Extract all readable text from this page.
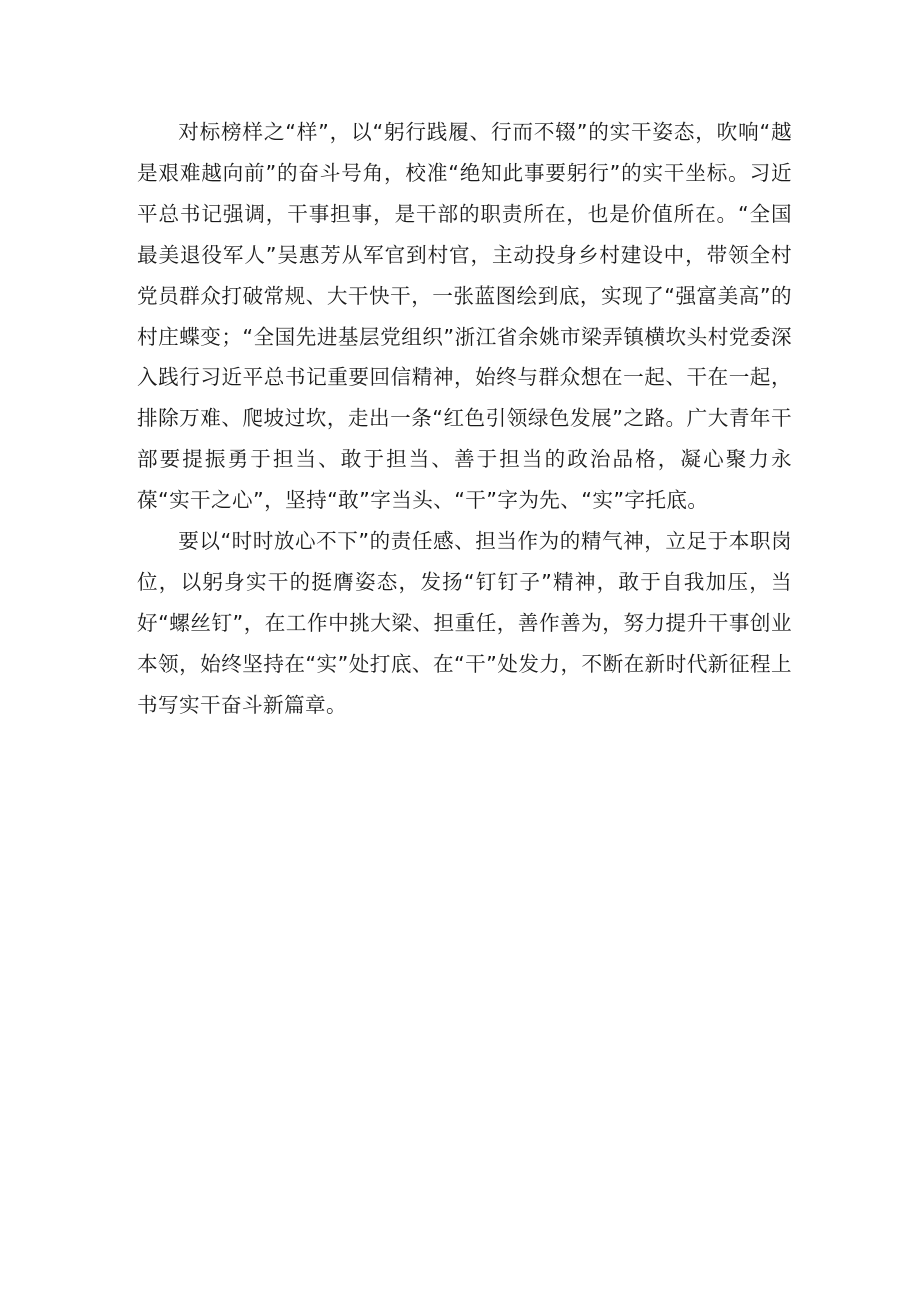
对标榜样之“样”，以“躬行践履、行而不辍”的实干姿态，吹响“越是艰难越向前”的奋斗号角，校准“绝知此事要躬行”的实干坐标。习近平总书记强调，干事担事，是干部的职责所在，也是价值所在。“全国最美退役军人”吴惠芳从军官到村官，主动投身乡村建设中，带领全村党员群众打破常规、大干快干，一张蓝图绘到底，实现了“强富美高”的村庄蝶变；“全国先进基层党组织”浙江省余姚市梁弄镇横坎头村党委深入践行习近平总书记重要回信精神，始终与群众想在一起、干在一起，排除万难、爬坡过坎，走出一条“红色引领绿色发展”之路。广大青年干部要提振勇于担当、敢于担当、善于担当的政治品格，凝心聚力永葆“实干之心”，坚持“敢”字当头、“干”字为先、“实”字托底。

要以“时时放心不下”的责任感、担当作为的精气神，立足于本职岗位，以躬身实干的挺膺姿态，发扬“钉钉子”精神，敢于自我加压，当好“螺丝钉”，在工作中挑大梁、担重任，善作善为，努力提升干事创业本领，始终坚持在“实”处打底、在“干”处发力，不断在新时代新征程上书写实干奋斗新篇章。
